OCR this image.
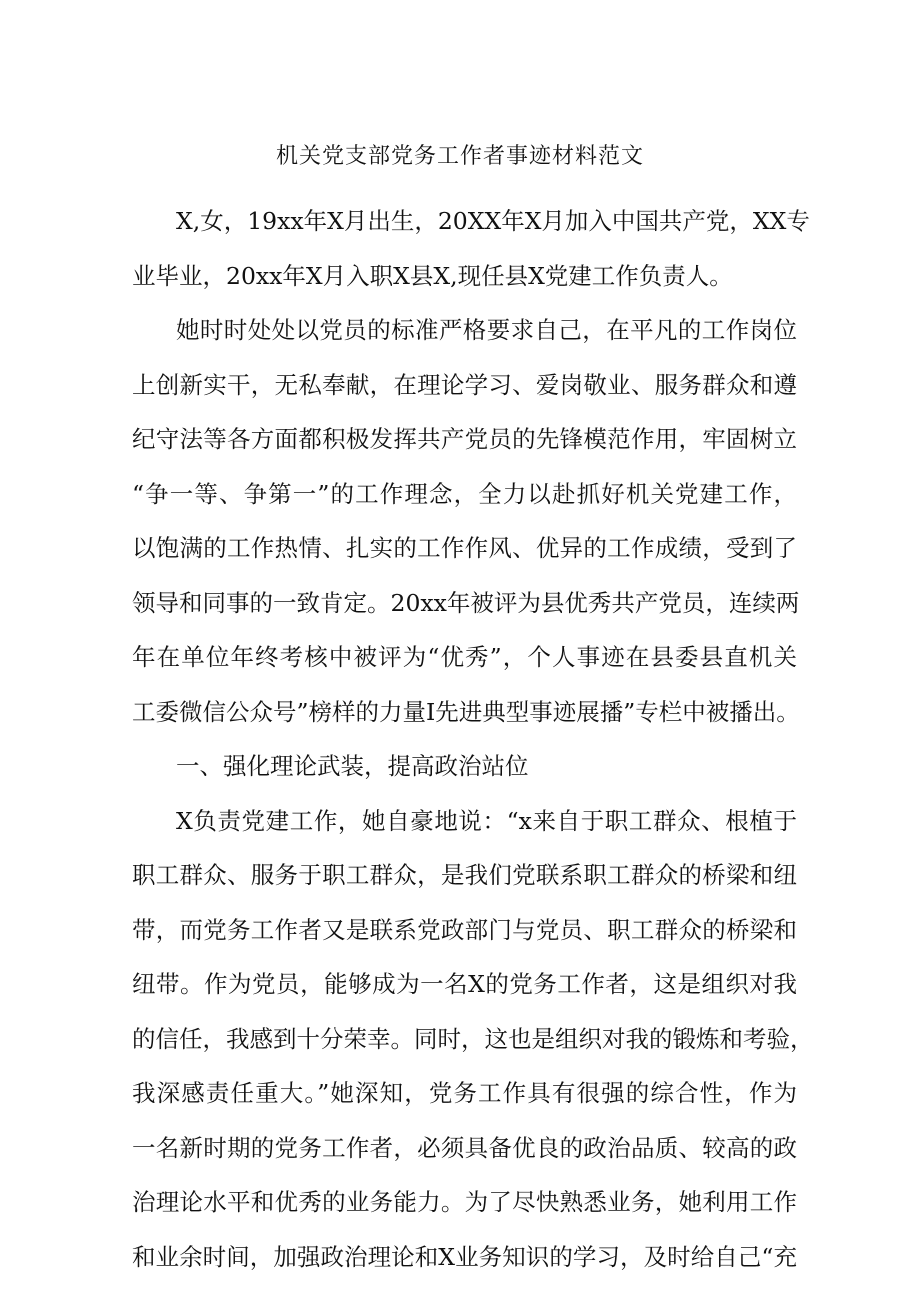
机关党支部党务工作者事迹材料范文
X,女，19xx年X月出生，20XX年X月加入中国共产党，XX专
业毕业，20xx年X月入职X县X,现任县X党建工作负责人。
她时时处处以党员的标准严格要求自己，在平凡的工作岗位
上创新实干，无私奉献，在理论学习、爱岗敬业、服务群众和遵
纪守法等各方面都积极发挥共产党员的先锋模范作用，牢固树立
“争一等、争第一”的工作理念，全力以赴抓好机关党建工作，
以饱满的工作热情、扎实的工作作风、优异的工作成绩，受到了
领导和同事的一致肯定。20xx年被评为县优秀共产党员，连续两
年在单位年终考核中被评为“优秀”，个人事迹在县委县直机关
工委微信公众号”榜样的力量I先进典型事迹展播”专栏中被播出。
一、强化理论武装，提高政治站位
X负责党建工作，她自豪地说：“x来自于职工群众、根植于
职工群众、服务于职工群众，是我们党联系职工群众的桥梁和纽
带，而党务工作者又是联系党政部门与党员、职工群众的桥梁和
纽带。作为党员，能够成为一名X的党务工作者，这是组织对我
的信任，我感到十分荣幸。同时，这也是组织对我的锻炼和考验，
我深感责任重大。”她深知，党务工作具有很强的综合性，作为
一名新时期的党务工作者，必须具备优良的政治品质、较高的政
治理论水平和优秀的业务能力。为了尽快熟悉业务，她利用工作
和业余时间，加强政治理论和X业务知识的学习，及时给自己“充
